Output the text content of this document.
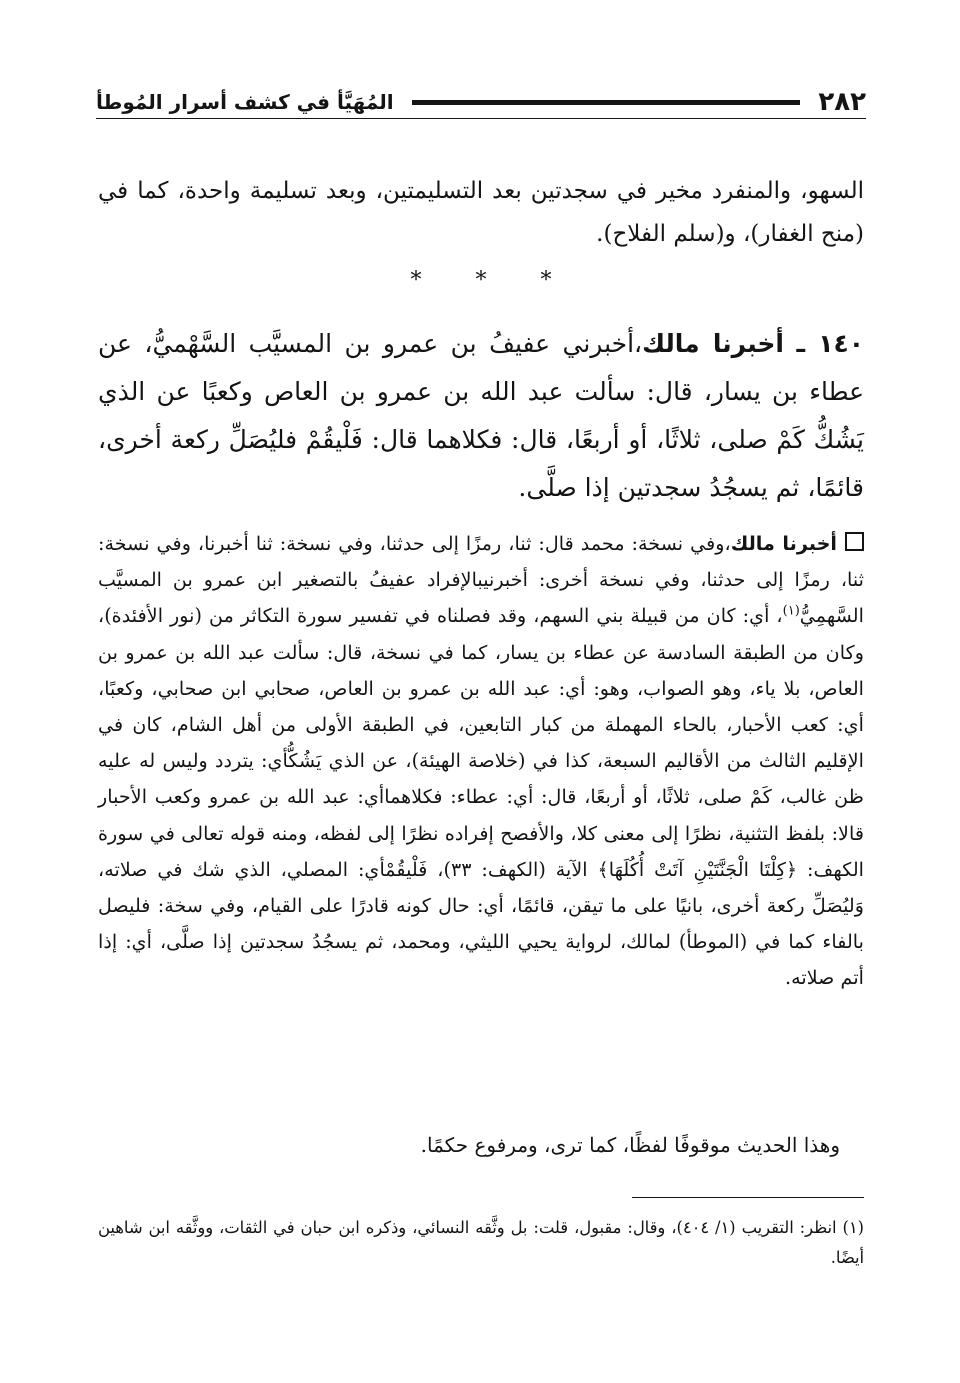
٢٨٢
المُهَيَّأ في كشف أسرار المُوطأ

السهو، والمنفرد مخير في سجدتين بعد التسليمتين، وبعد تسليمة واحدة، كما في (منح الغفار)، و(سلم الفلاح).

* * *

١٤٠ ـ أخبرنا مالك،أخبرني عفيفُ بن عمرو بن المسيَّب السَّهْميُّ، عن عطاء بن يسار، قال: سألت عبد الله بن عمرو بن العاص وكعبًا عن الذي يَشُكُّ كَمْ صلى، ثلاثًا، أو أربعًا، قال: فكلاهما قال: فَلْيقُمْ فليُصَلِّ ركعة أخرى، قائمًا، ثم يسجُدُ سجدتين إذا صلَّى.

أخبرنا مالك،وفي نسخة: محمد قال: ثنا، رمزًا إلى حدثنا، وفي نسخة: ثنا أخبرنا، وفي نسخة: ثنا، رمزًا إلى حدثنا، وفي نسخة أخرى: أخبرنيبالإفراد عفيفُ بالتصغير ابن عمرو بن المسيَّب السَّهمِيُّ$^{(١)}$، أي: كان من قبيلة بني السهم، وقد فصلناه في تفسير سورة التكاثر من (نور الأفئدة)، وكان من الطبقة السادسة عن عطاء بن يسار، كما في نسخة، قال: سألت عبد الله بن عمرو بن العاص، بلا ياء، وهو الصواب، وهو: أي: عبد الله بن عمرو بن العاص، صحابي ابن صحابي، وكعبًا، أي: كعب الأحبار، بالحاء المهملة من كبار التابعين، في الطبقة الأولى من أهل الشام، كان في الإقليم الثالث من الأقاليم السبعة، كذا في (خلاصة الهيئة)، عن الذي يَشُكُّأي: يتردد وليس له عليه ظن غالب، كَمْ صلى، ثلاثًا، أو أربعًا، قال: أي: عطاء: فكلاهماأي: عبد الله بن عمرو وكعب الأحبار قالا: بلفظ التثنية، نظرًا إلى معنى كلا، والأفصح إفراده نظرًا إلى لفظه، ومنه قوله تعالى في سورة الكهف: ﴿كِلْتَا الْجَنَّتَيْنِ آتَتْ أُكُلَهَا﴾ الآية (الكهف: ٣٣)، فَلْيقُمْأي: المصلي، الذي شك في صلاته، وَليُصَلِّ ركعة أخرى، بانيًا على ما تيقن، قائمًا، أي: حال كونه قادرًا على القيام، وفي سخة: فليصل بالفاء كما في (الموطأ) لمالك، لرواية يحيي الليثي، ومحمد، ثم يسجُدُ سجدتين إذا صلَّى، أي: إذا أتم صلاته.

وهذا الحديث موقوفًا لفظًا، كما ترى، ومرفوع حكمًا.

(١) انظر: التقريب (١/ ٤٠٤)، وقال: مقبول، قلت: بل وثَّقه النسائي، وذكره ابن حبان في الثقات، ووثَّقه ابن شاهين أيضًا.
